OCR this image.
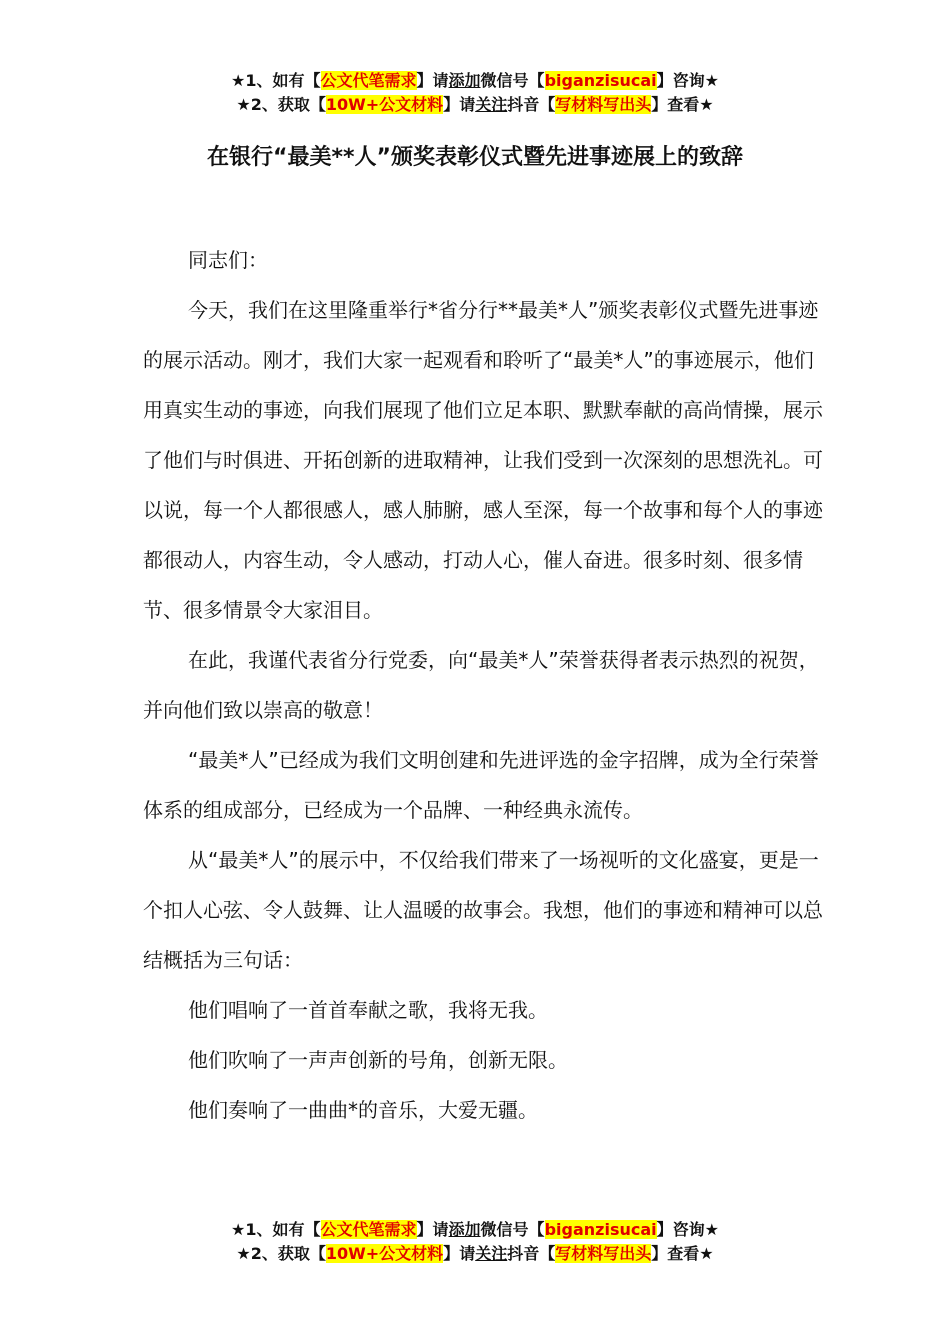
★1、如有【公文代笔需求】请添加微信号【biganzisucai】咨询★
★2、获取【10W+公文材料】请关注抖音【写材料写出头】查看★
在银行“最美**人”颁奖表彰仪式暨先进事迹展上的致辞

同志们：

今天，我们在这里隆重举行*省分行**最美*人”颁奖表彰仪式暨先进事迹的展示活动。刚才，我们大家一起观看和聆听了“最美*人”的事迹展示，他们用真实生动的事迹，向我们展现了他们立足本职、默默奉献的高尚情操，展示了他们与时俱进、开拓创新的进取精神，让我们受到一次深刻的思想洗礼。可以说，每一个人都很感人，感人肺腑，感人至深，每一个故事和每个人的事迹都很动人，内容生动，令人感动，打动人心，催人奋进。很多时刻、很多情节、很多情景令大家泪目。

在此，我谨代表省分行党委，向“最美*人”荣誉获得者表示热烈的祝贺，并向他们致以崇高的敬意！

“最美*人”已经成为我们文明创建和先进评选的金字招牌，成为全行荣誉体系的组成部分，已经成为一个品牌、一种经典永流传。

从“最美*人”的展示中，不仅给我们带来了一场视听的文化盛宴，更是一个扣人心弦、令人鼓舞、让人温暖的故事会。我想，他们的事迹和精神可以总结概括为三句话：

他们唱响了一首首奉献之歌，我将无我。

他们吹响了一声声创新的号角，创新无限。

他们奏响了一曲曲*的音乐，大爱无疆。

★1、如有【公文代笔需求】请添加微信号【biganzisucai】咨询★
★2、获取【10W+公文材料】请关注抖音【写材料写出头】查看★
